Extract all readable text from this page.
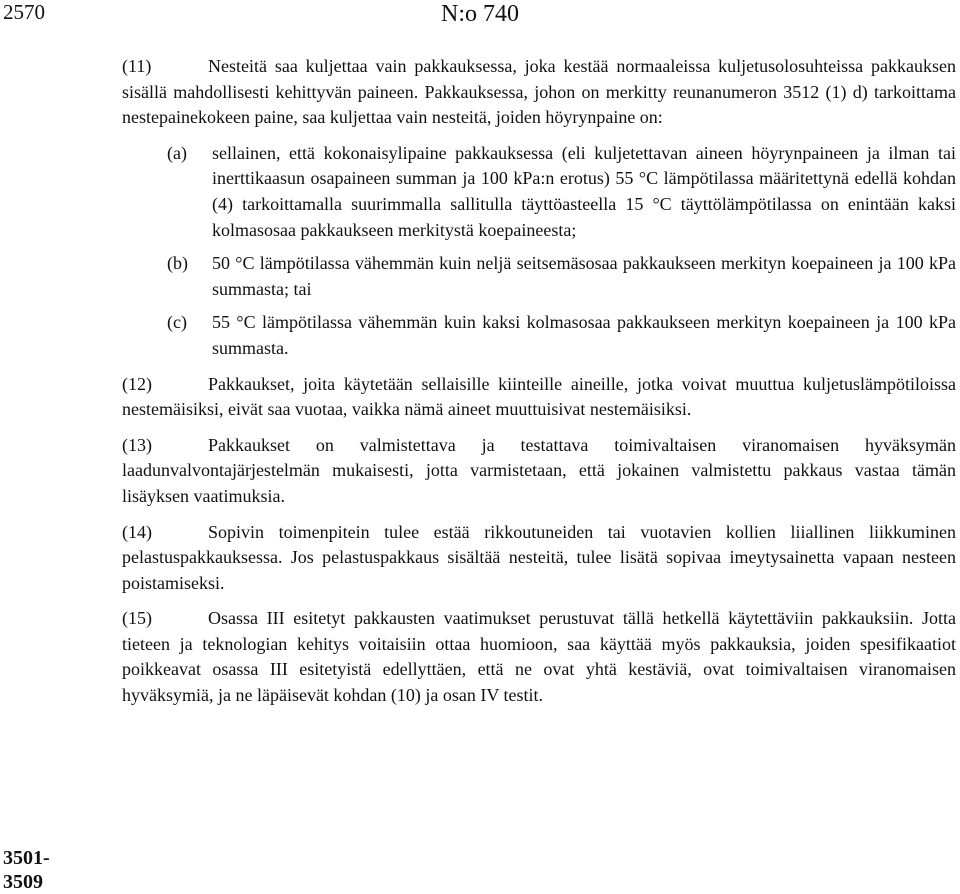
2570	N:o 740
3501-3509

(11)	Nesteitä saa kuljettaa vain pakkauksessa, joka kestää normaaleissa kuljetusolosuhteissa pakkauksen sisällä mahdollisesti kehittyvän paineen. Pakkauksessa, johon on merkitty reunanumeron 3512 (1) d) tarkoittama nestepainekokeen paine, saa kuljettaa vain nesteitä, joiden höyrynpaine on:

(a) sellainen, että kokonaisylipaine pakkauksessa (eli kuljetettavan aineen höyrynpaineen ja ilman tai inerttikaasun osapaineen summan ja 100 kPa:n erotus) 55 °C lämpötilassa määritettynä edellä kohdan (4) tarkoittamalla suurimmalla sallitulla täyttöasteella 15 °C täyttölämpötilassa on enintään kaksi kolmasosaa pakkaukseen merkitystä koepaineesta;
(b) 50 °C lämpötilassa vähemmän kuin neljä seitsemäsosaa pakkaukseen merkityn koepaineen ja 100 kPa summasta; tai
(c) 55 °C lämpötilassa vähemmän kuin kaksi kolmasosaa pakkaukseen merkityn koepaineen ja 100 kPa summasta.

(12)	Pakkaukset, joita käytetään sellaisille kiinteille aineille, jotka voivat muuttua kuljetuslämpötiloissa nestemäisiksi, eivät saa vuotaa, vaikka nämä aineet muuttuisivat nestemäisiksi.

(13)	Pakkaukset on valmistettava ja testattava toimivaltaisen viranomaisen hyväksymän laadunvalvontajärjestelmän mukaisesti, jotta varmistetaan, että jokainen valmistettu pakkaus vastaa tämän lisäyksen vaatimuksia.

(14)	Sopivin toimenpitein tulee estää rikkoutuneiden tai vuotavien kollien liiallinen liikkuminen pelastuspakkauksessa. Jos pelastuspakkaus sisältää nesteitä, tulee lisätä sopivaa imeytysainetta vapaan nesteen poistamiseksi.

(15)	Osassa III esitetyt pakkausten vaatimukset perustuvat tällä hetkellä käytettäviin pakkauksiin. Jotta tieteen ja teknologian kehitys voitaisiin ottaa huomioon, saa käyttää myös pakkauksia, joiden spesifikaatiot poikkeavat osassa III esitetyistä edellyttäen, että ne ovat yhtä kestäviä, ovat toimivaltaisen viranomaisen hyväksymiä, ja ne läpäisevät kohdan (10) ja osan IV testit.
